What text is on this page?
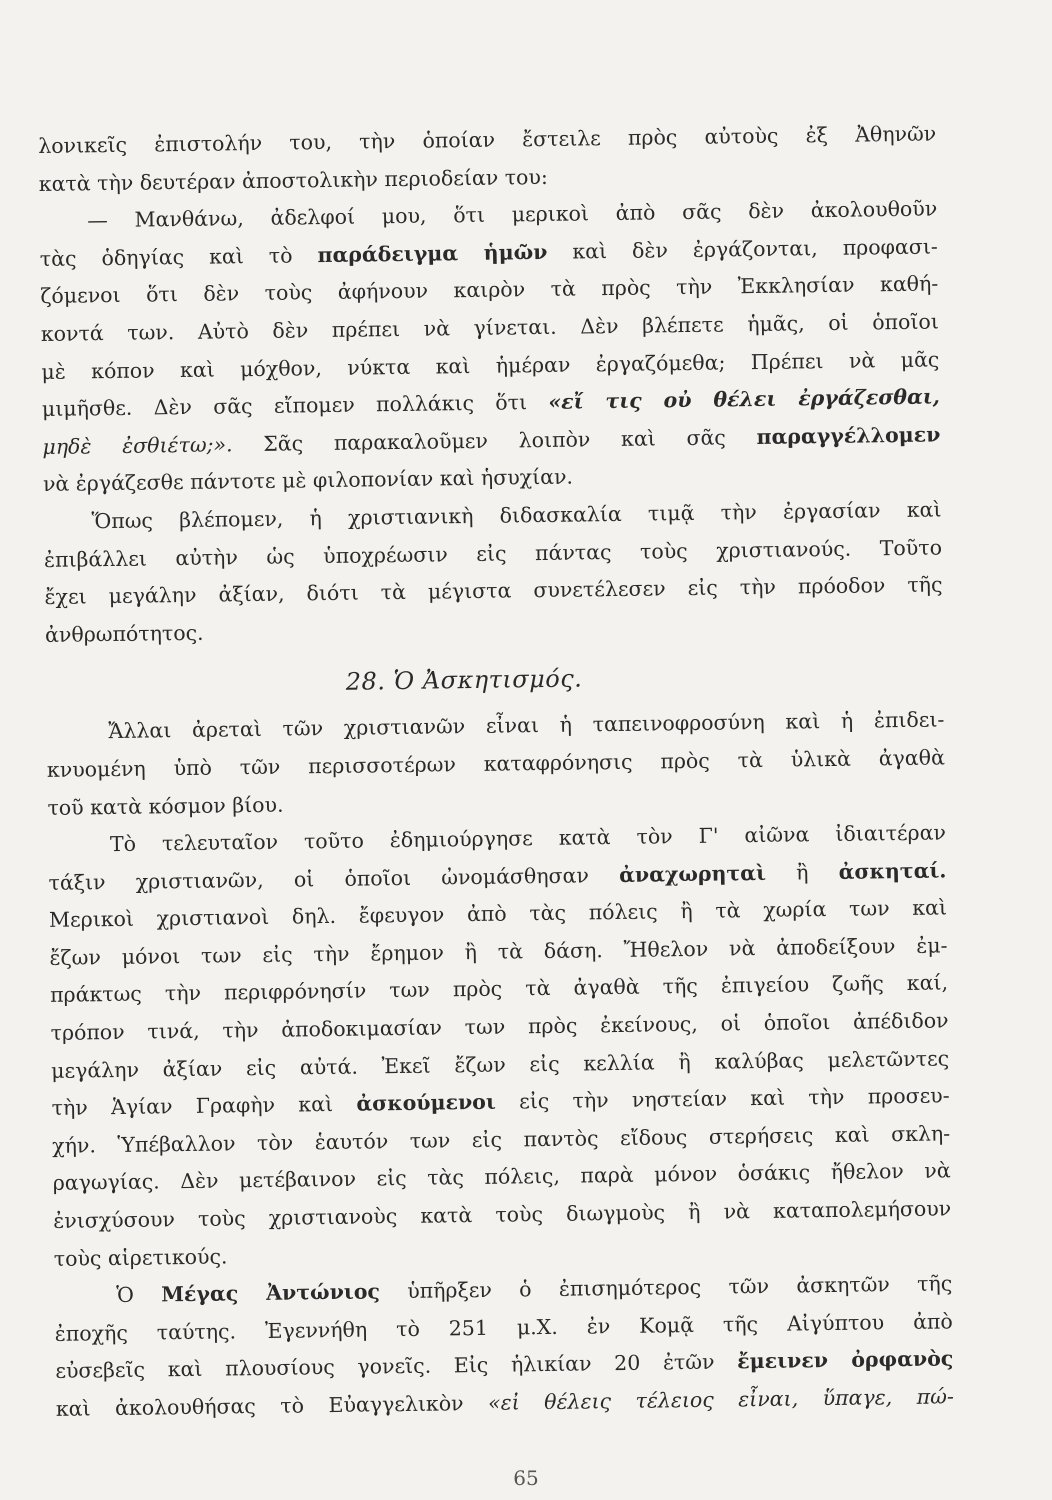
λονικεῖς ἐπιστολήν του, τὴν ὁποίαν ἔστειλε πρὸς αὐτοὺς ἐξ Ἀθηνῶν
κατὰ τὴν δευτέραν ἀποστολικὴν περιοδείαν του:
— Μανθάνω, ἀδελφοί μου, ὅτι μερικοὶ ἀπὸ σᾶς δὲν ἀκολουθοῦν
τὰς ὁδηγίας καὶ τὸ παράδειγμα ἡμῶν καὶ δὲν ἐργάζονται, προφασι-
ζόμενοι ὅτι δὲν τοὺς ἀφήνουν καιρὸν τὰ πρὸς τὴν Ἐκκλησίαν καθή-
κοντά των. Αὐτὸ δὲν πρέπει νὰ γίνεται. Δὲν βλέπετε ἡμᾶς, οἱ ὁποῖοι
μὲ κόπον καὶ μόχθον, νύκτα καὶ ἡμέραν ἐργαζόμεθα; Πρέπει νὰ μᾶς
μιμῆσθε. Δὲν σᾶς εἴπομεν πολλάκις ὅτι «εἴ τις οὐ θέλει ἐργάζεσθαι,
μηδὲ ἐσθιέτω;». Σᾶς παρακαλοῦμεν λοιπὸν καὶ σᾶς παραγγέλλομεν
νὰ ἐργάζεσθε πάντοτε μὲ φιλοπονίαν καὶ ἡσυχίαν.
Ὅπως βλέπομεν, ἡ χριστιανικὴ διδασκαλία τιμᾷ τὴν ἐργασίαν καὶ
ἐπιβάλλει αὐτὴν ὡς ὑποχρέωσιν εἰς πάντας τοὺς χριστιανούς. Τοῦτο
ἔχει μεγάλην ἀξίαν, διότι τὰ μέγιστα συνετέλεσεν εἰς τὴν πρόοδον τῆς
ἀνθρωπότητος.
28. Ὁ Ἀσκητισμός.
Ἄλλαι ἀρεταὶ τῶν χριστιανῶν εἶναι ἡ ταπεινοφροσύνη καὶ ἡ ἐπιδει-
κνυομένη ὑπὸ τῶν περισσοτέρων καταφρόνησις πρὸς τὰ ὑλικὰ ἀγαθὰ
τοῦ κατὰ κόσμον βίου.
Τὸ τελευταῖον τοῦτο ἐδημιούργησε κατὰ τὸν Γ' αἰῶνα ἰδιαιτέραν
τάξιν χριστιανῶν, οἱ ὁποῖοι ὠνομάσθησαν ἀναχωρηταὶ ἢ ἀσκηταί.
Μερικοὶ χριστιανοὶ δηλ. ἔφευγον ἀπὸ τὰς πόλεις ἢ τὰ χωρία των καὶ
ἔζων μόνοι των εἰς τὴν ἔρημον ἢ τὰ δάση. Ἤθελον νὰ ἀποδείξουν ἐμ-
πράκτως τὴν περιφρόνησίν των πρὸς τὰ ἀγαθὰ τῆς ἐπιγείου ζωῆς καί,
τρόπον τινά, τὴν ἀποδοκιμασίαν των πρὸς ἐκείνους, οἱ ὁποῖοι ἀπέδιδον
μεγάλην ἀξίαν εἰς αὐτά. Ἐκεῖ ἔζων εἰς κελλία ἢ καλύβας μελετῶντες
τὴν Ἁγίαν Γραφὴν καὶ ἀσκούμενοι εἰς τὴν νηστείαν καὶ τὴν προσευ-
χήν. Ὑπέβαλλον τὸν ἑαυτόν των εἰς παντὸς εἴδους στερήσεις καὶ σκλη-
ραγωγίας. Δὲν μετέβαινον εἰς τὰς πόλεις, παρὰ μόνον ὁσάκις ἤθελον νὰ
ἐνισχύσουν τοὺς χριστιανοὺς κατὰ τοὺς διωγμοὺς ἢ νὰ καταπολεμήσουν
τοὺς αἱρετικούς.
Ὁ Μέγας Ἀντώνιος ὑπῆρξεν ὁ ἐπισημότερος τῶν ἀσκητῶν τῆς
ἐποχῆς ταύτης. Ἐγεννήθη τὸ 251 μ.Χ. ἐν Κομᾷ τῆς Αἰγύπτου ἀπὸ
εὐσεβεῖς καὶ πλουσίους γονεῖς. Εἰς ἡλικίαν 20 ἐτῶν ἔμεινεν ὀρφανὸς
καὶ ἀκολουθήσας τὸ Εὐαγγελικὸν «εἰ θέλεις τέλειος εἶναι, ὕπαγε, πώ-
65
